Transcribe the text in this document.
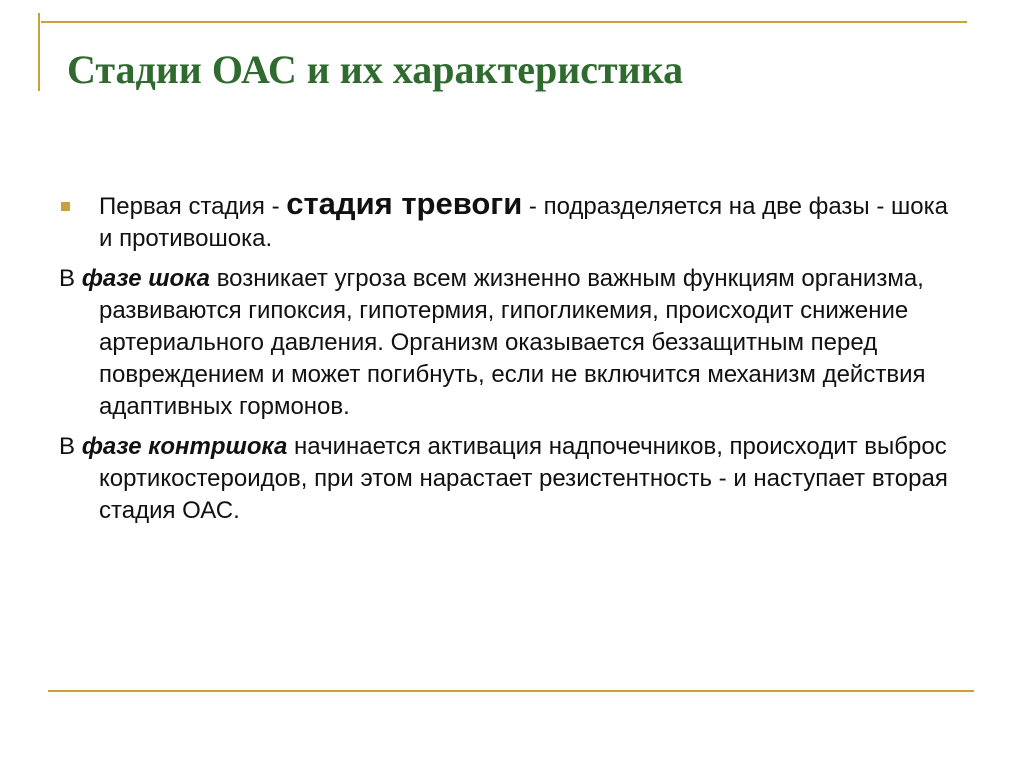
Стадии ОАС и их характеристика
Первая стадия - стадия тревоги - подразделяется на две фазы - шока и противошока.

В фазе шока возникает угроза всем жизненно важным функциям организма, развиваются гипоксия, гипотермия, гипогликемия, происходит снижение артериального давления. Организм оказывается беззащитным перед повреждением и может погибнуть, если не включится механизм действия адаптивных гормонов.

В фазе контршока начинается активация надпочечников, происходит выброс кортикостероидов, при этом нарастает резистентность - и наступает вторая стадия ОАС.
